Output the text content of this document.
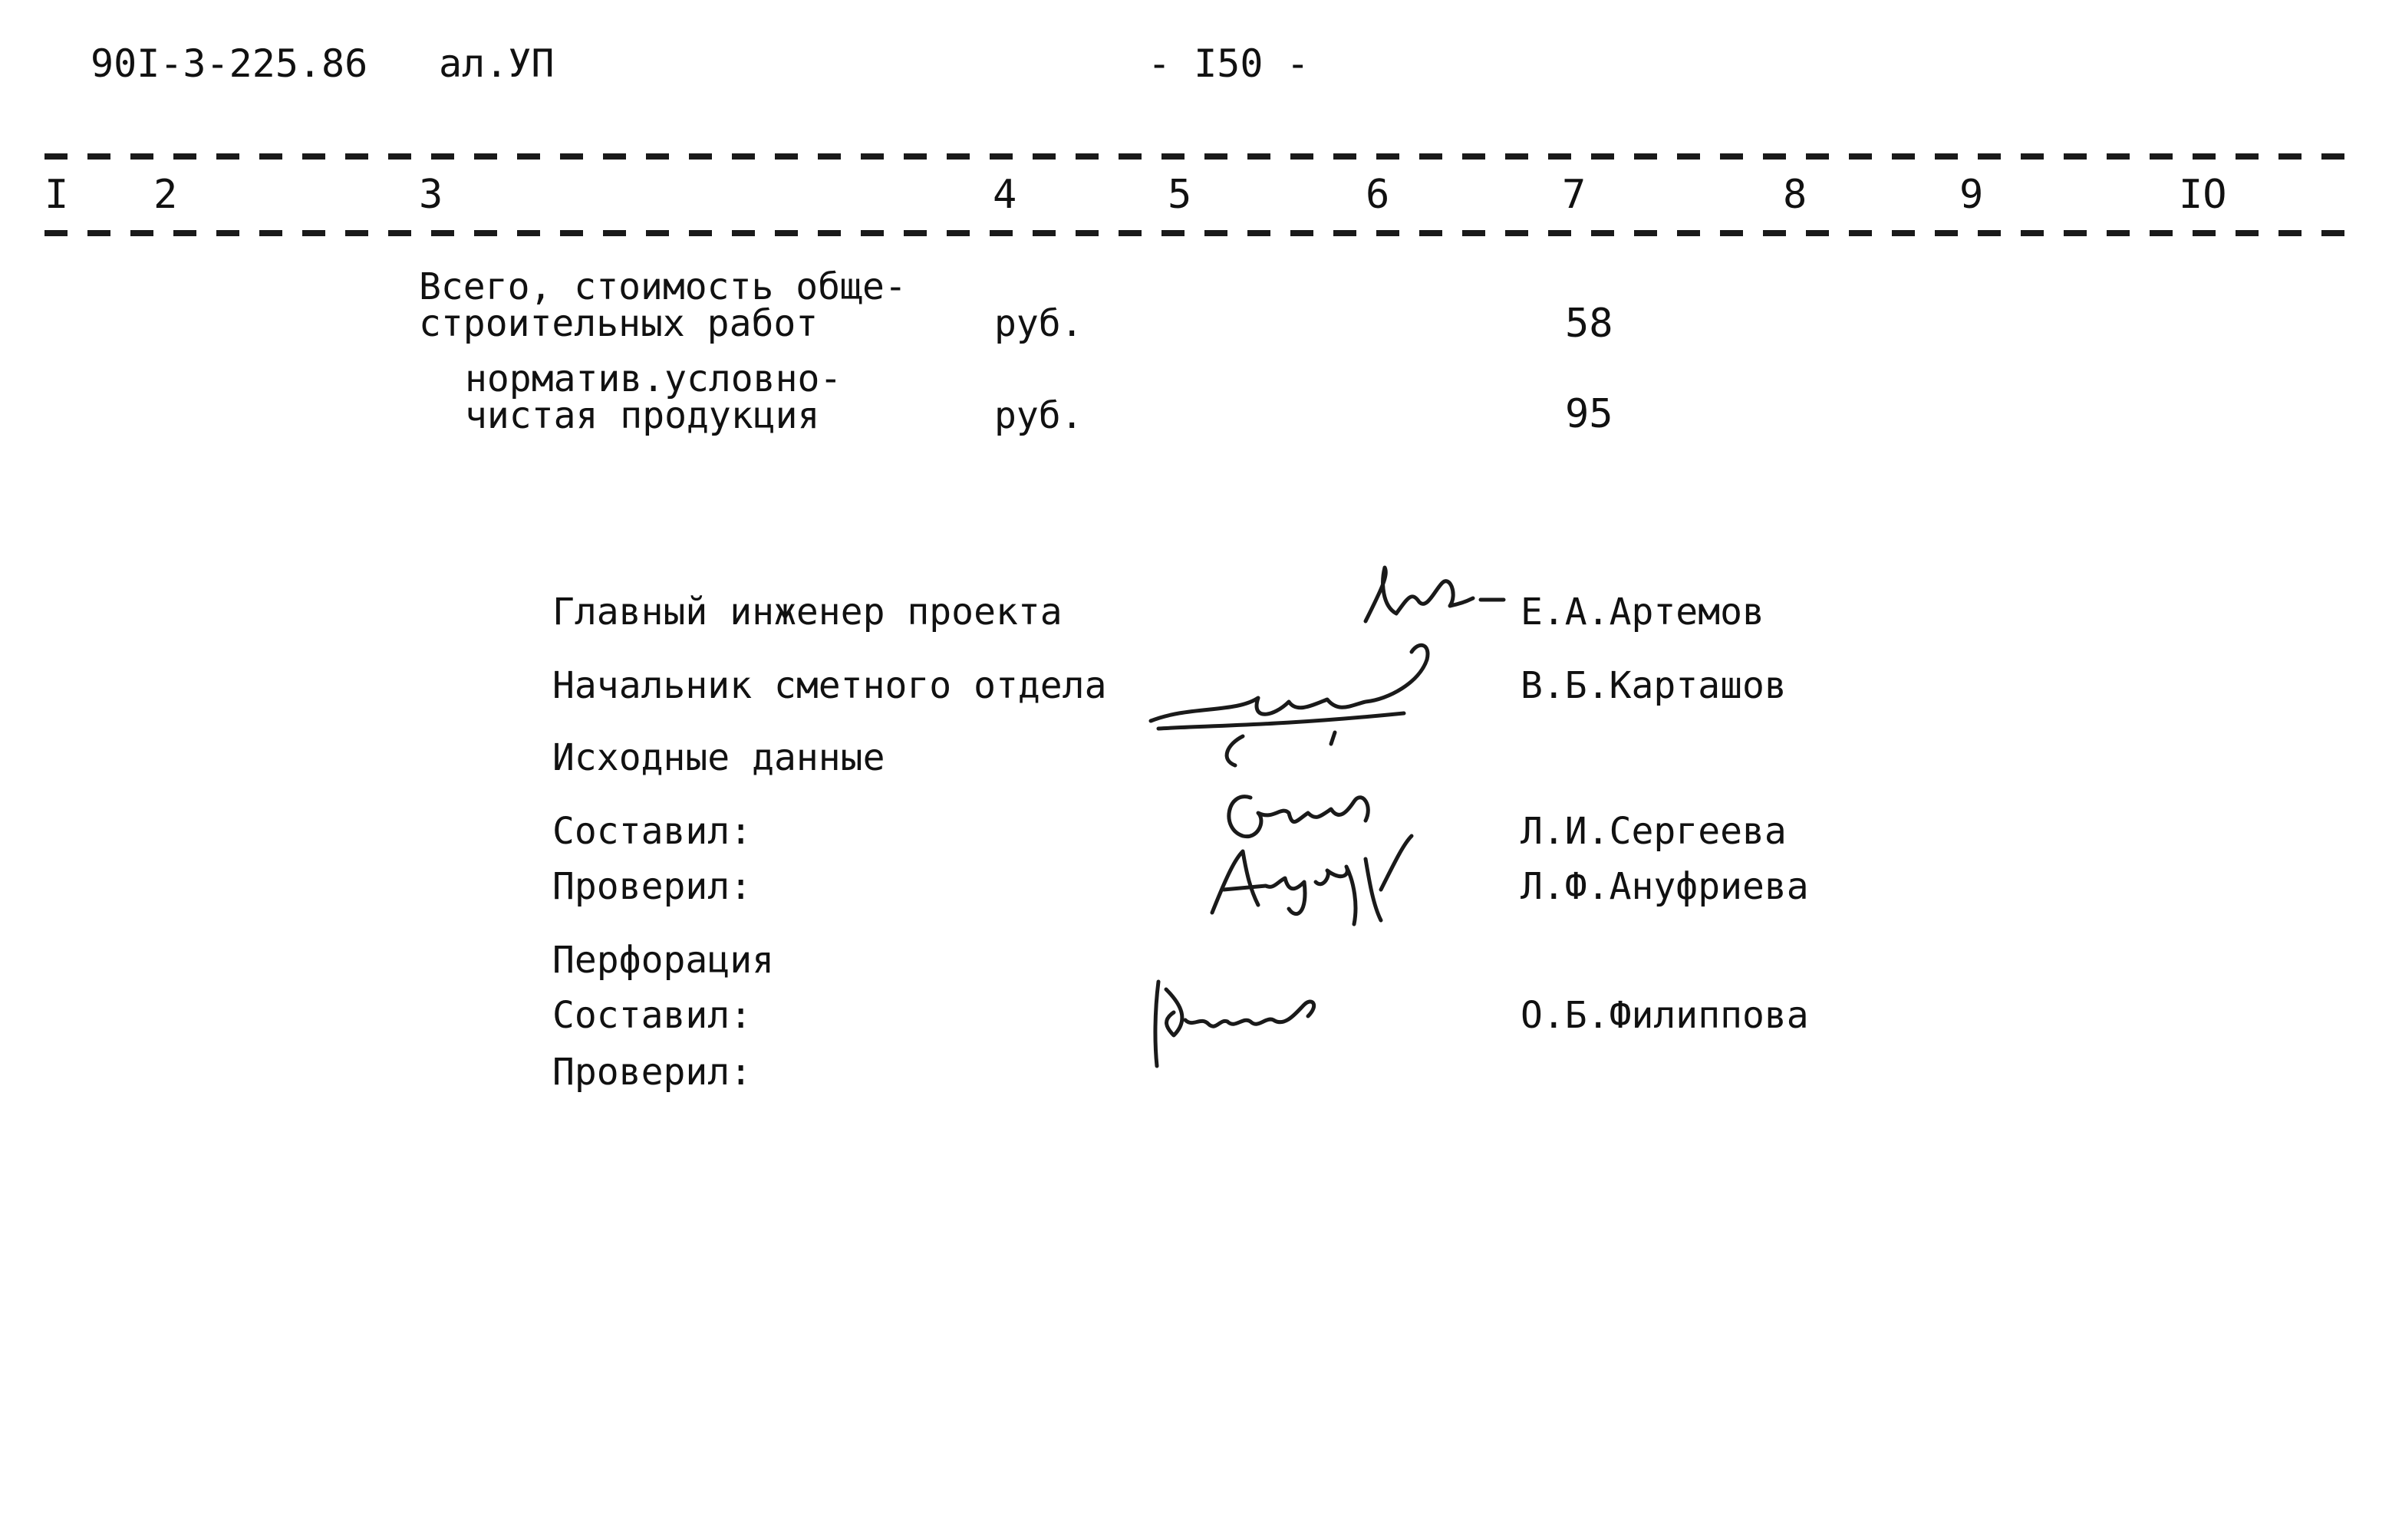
90I-3-225.86 ал.УП	- I50 -
I 2	3	4	5	6	7	8	9	IO
Всего, стоимость обще-
строительных работ	руб.	58
норматив.условно-
чистая продукция	руб.	95
Главный инженер проекта	Е.А.Артемов
Начальник сметного отдела	В.Б.Карташов
Исходные данные
Составил:	Л.И.Сергеева
Проверил:	Л.Ф.Ануфриева
Перфорация
Составил:	О.Б.Филиппова
Проверил:
